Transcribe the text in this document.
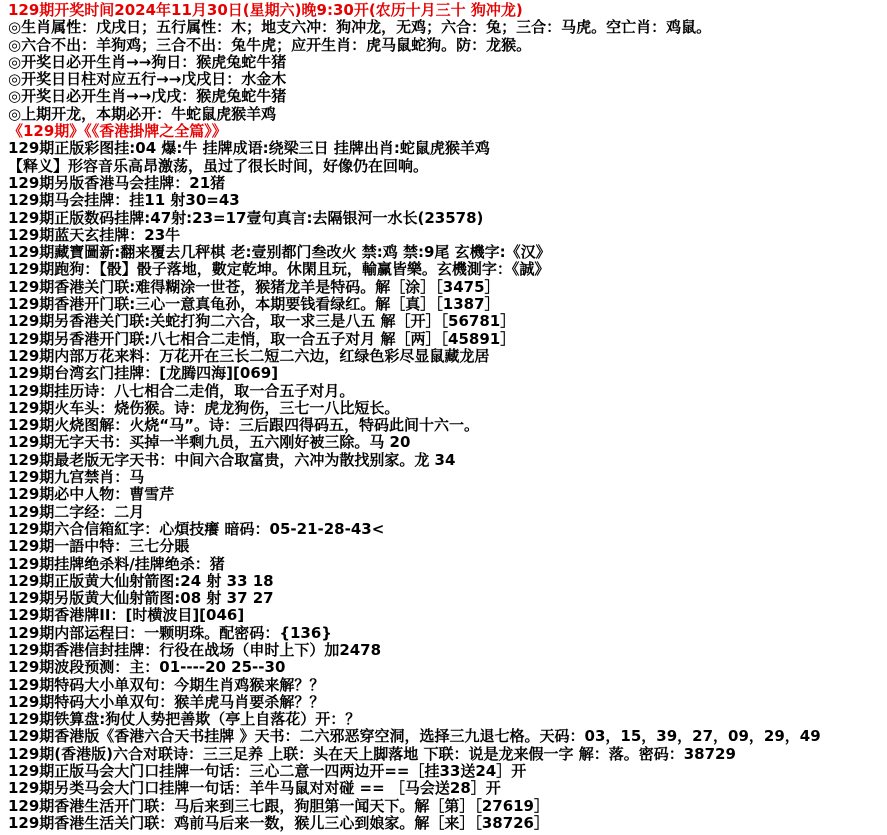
129期开奖时间2024年11月30日(星期六)晚9:30开(农历十月三十 狗冲龙)
◎生肖属性：戊戌日；五行属性：木；地支六冲：狗冲龙，无鸡；六合：兔；三合：马虎。空亡肖：鸡鼠。
◎六合不出：羊狗鸡；三合不出：兔牛虎；应开生肖：虎马鼠蛇狗。防：龙猴。
◎开奖日必开生肖→→狗日：猴虎兔蛇牛猪
◎开奖日日柱对应五行→→戊戌日：水金木
◎开奖日必开生肖→→戊戌：猴虎兔蛇牛猪
◎上期开龙，本期必开：牛蛇鼠虎猴羊鸡
《129期》《《香港掛牌之全篇》》
129期正版彩图挂:04 爆:牛 挂牌成语:绕梁三日 挂牌出肖:蛇鼠虎猴羊鸡
【释义】形容音乐高昂激荡，虽过了很长时间，好像仍在回响。
129期另版香港马会挂牌：21猪
129期马会挂牌：挂11 射30=43
129期正版数码挂牌:47射:23=17壹句真言:去隔银河一水长(23578)
129期蓝天玄挂牌：23牛
129期藏寶圖新:翻来覆去几秤棋 老:壹别都门叁改火 禁:鸡 禁:9尾 玄機字:《汉》
129期跑狗：【骰】骰子落地，數定乾坤。休閑且玩，輸赢皆樂。玄機測字：《誠》
129期香港关门联:难得糊涂一世苍，猴猪龙羊是特码。解［涂］［3475］
129期香港开门联:三心一意真龟孙，本期要钱看绿红。解［真］［1387］
129期另香港关门联:关蛇打狗二六合，取一求三是八五 解［开］［56781］
129期另香港开门联:八七相合二走悄，取一合五子对月 解［两］［45891］
129期内部万花来料：万花开在三长二短二六边，红绿色彩尽显鼠藏龙居
129期台湾玄门挂牌：[龙腾四海][069]
129期挂历诗：八七相合二走俏，取一合五子对月。
129期火车头：烧伤猴。诗：虎龙狗伤，三七一八比短长。
129期火烧图解：火烧“马”。诗：三后跟四得码五，特码此间十六一。
129期无字天书：买掉一半剩九员，五六刚好被三除。马 20
129期最老版无字天书：中间六合取富贵，六冲为散找别家。龙 34
129期九宫禁肖：马
129期必中人物：曹雪芹
129期二字经：二月
129期六合信箱紅字：心煩技癢 暗码：05-21-28-43<
129期一語中特：三七分賬
129期挂牌绝杀料/挂牌绝杀：猪
129期正版黄大仙射箭图:24 射 33 18
129期另版黄大仙射箭图:08 射 37 27
129期香港牌II：[时横波目][046]
129期内部运程曰：一颗明珠。配密码：{136}
129期香港信封挂牌：行役在战场（申时上下）加2478
129期波段预测：主：01----20 25--30
129期特码大小单双句：今期生肖鸡猴来解？？
129期特码大小单双句：猴羊虎马肖要杀解？？
129期铁算盘:狗仗人势把善欺（亭上自落花）开：？
129期香港版《香港六合天书挂牌 》天书：二六邪恶穿空洞，选择三九退七格。天码：03，15，39，27，09，29，49
129期(香港版)六合对联诗：三三足养 上联：头在天上脚落地 下联：说是龙来假一字 解：落。密码：38729
129期正版马会大门口挂牌一句话：三心二意一四两边开==［挂33送24］开
129期另类马会大门口挂牌一句话：羊牛马鼠对对碰 == ［马会送28］开
129期香港生活开门联：马后来到三七跟，狗胆第一闻天下。解［第］［27619］
129期香港生活关门联：鸡前马后来一数，猴儿三心到娘家。解［来］［38726］
